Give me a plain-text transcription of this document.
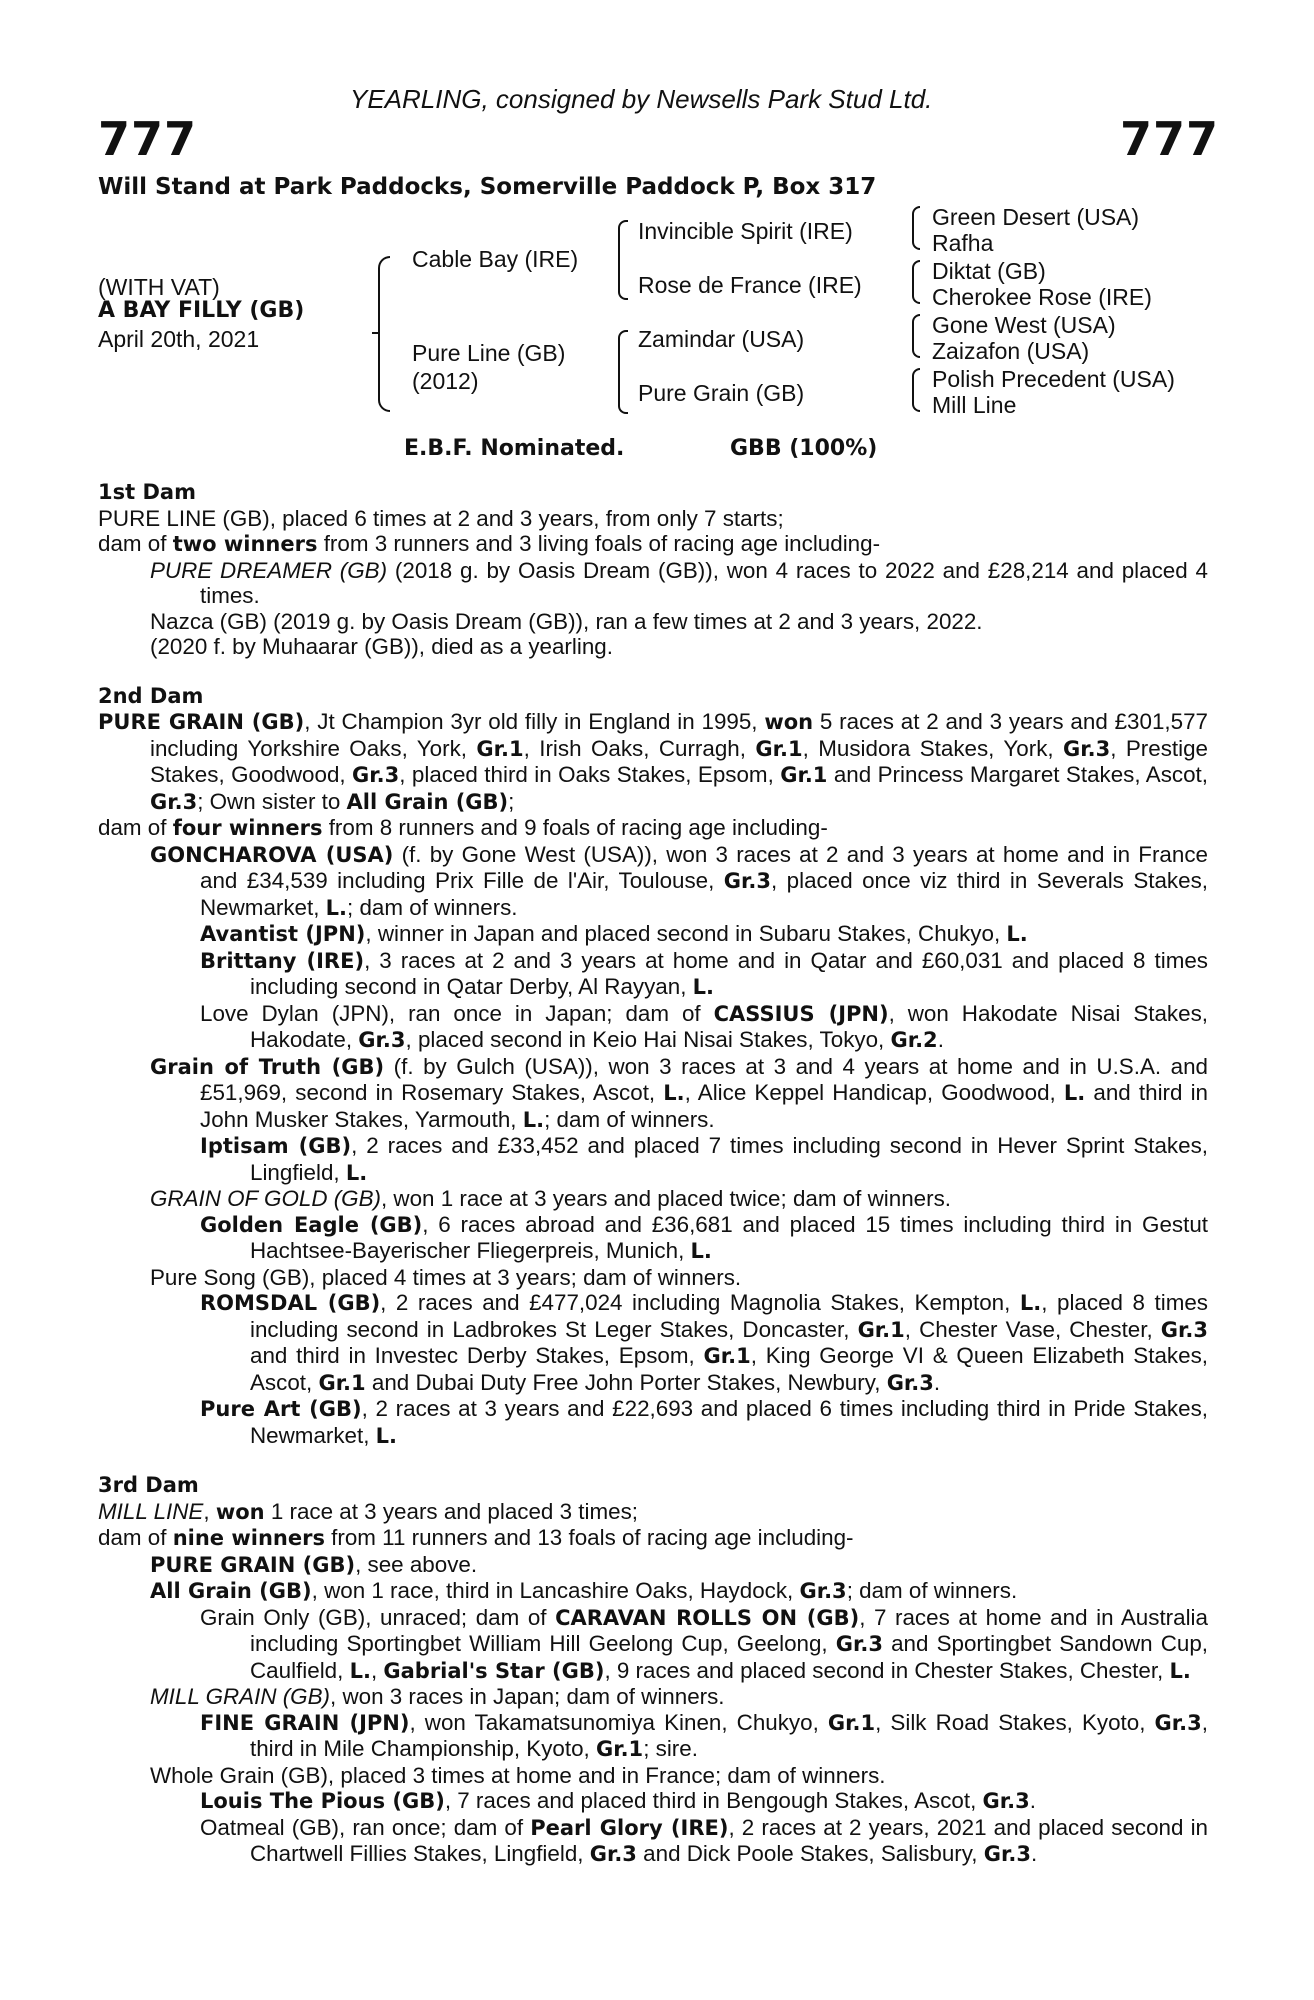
YEARLING, consigned by Newsells Park Stud Ltd.
777	777
Will Stand at Park Paddocks, Somerville Paddock P, Box 317
(WITH VAT)
A BAY FILLY (GB)
April 20th, 2021
Cable Bay (IRE)
Pure Line (GB)
(2012)
Invincible Spirit (IRE)
Rose de France (IRE)
Zamindar (USA)
Pure Grain (GB)
Green Desert (USA)
Rafha
Diktat (GB)
Cherokee Rose (IRE)
Gone West (USA)
Zaizafon (USA)
Polish Precedent (USA)
Mill Line
E.B.F. Nominated.	GBB (100%)
1st Dam
PURE LINE (GB), placed 6 times at 2 and 3 years, from only 7 starts;
dam of two winners from 3 runners and 3 living foals of racing age including-
PURE DREAMER (GB) (2018 g. by Oasis Dream (GB)), won 4 races to 2022 and £28,214 and placed 4 times.
Nazca (GB) (2019 g. by Oasis Dream (GB)), ran a few times at 2 and 3 years, 2022.
(2020 f. by Muhaarar (GB)), died as a yearling.
2nd Dam
PURE GRAIN (GB), Jt Champion 3yr old filly in England in 1995, won 5 races at 2 and 3 years and £301,577 including Yorkshire Oaks, York, Gr.1, Irish Oaks, Curragh, Gr.1, Musidora Stakes, York, Gr.3, Prestige Stakes, Goodwood, Gr.3, placed third in Oaks Stakes, Epsom, Gr.1 and Princess Margaret Stakes, Ascot, Gr.3; Own sister to All Grain (GB);
dam of four winners from 8 runners and 9 foals of racing age including-
GONCHAROVA (USA) (f. by Gone West (USA)), won 3 races at 2 and 3 years at home and in France and £34,539 including Prix Fille de l'Air, Toulouse, Gr.3, placed once viz third in Severals Stakes, Newmarket, L.; dam of winners.
Avantist (JPN), winner in Japan and placed second in Subaru Stakes, Chukyo, L.
Brittany (IRE), 3 races at 2 and 3 years at home and in Qatar and £60,031 and placed 8 times including second in Qatar Derby, Al Rayyan, L.
Love Dylan (JPN), ran once in Japan; dam of CASSIUS (JPN), won Hakodate Nisai Stakes, Hakodate, Gr.3, placed second in Keio Hai Nisai Stakes, Tokyo, Gr.2.
Grain of Truth (GB) (f. by Gulch (USA)), won 3 races at 3 and 4 years at home and in U.S.A. and £51,969, second in Rosemary Stakes, Ascot, L., Alice Keppel Handicap, Goodwood, L. and third in John Musker Stakes, Yarmouth, L.; dam of winners.
Iptisam (GB), 2 races and £33,452 and placed 7 times including second in Hever Sprint Stakes, Lingfield, L.
GRAIN OF GOLD (GB), won 1 race at 3 years and placed twice; dam of winners.
Golden Eagle (GB), 6 races abroad and £36,681 and placed 15 times including third in Gestut Hachtsee-Bayerischer Fliegerpreis, Munich, L.
Pure Song (GB), placed 4 times at 3 years; dam of winners.
ROMSDAL (GB), 2 races and £477,024 including Magnolia Stakes, Kempton, L., placed 8 times including second in Ladbrokes St Leger Stakes, Doncaster, Gr.1, Chester Vase, Chester, Gr.3 and third in Investec Derby Stakes, Epsom, Gr.1, King George VI & Queen Elizabeth Stakes, Ascot, Gr.1 and Dubai Duty Free John Porter Stakes, Newbury, Gr.3.
Pure Art (GB), 2 races at 3 years and £22,693 and placed 6 times including third in Pride Stakes, Newmarket, L.
3rd Dam
MILL LINE, won 1 race at 3 years and placed 3 times;
dam of nine winners from 11 runners and 13 foals of racing age including-
PURE GRAIN (GB), see above.
All Grain (GB), won 1 race, third in Lancashire Oaks, Haydock, Gr.3; dam of winners.
Grain Only (GB), unraced; dam of CARAVAN ROLLS ON (GB), 7 races at home and in Australia including Sportingbet William Hill Geelong Cup, Geelong, Gr.3 and Sportingbet Sandown Cup, Caulfield, L., Gabrial's Star (GB), 9 races and placed second in Chester Stakes, Chester, L.
MILL GRAIN (GB), won 3 races in Japan; dam of winners.
FINE GRAIN (JPN), won Takamatsunomiya Kinen, Chukyo, Gr.1, Silk Road Stakes, Kyoto, Gr.3, third in Mile Championship, Kyoto, Gr.1; sire.
Whole Grain (GB), placed 3 times at home and in France; dam of winners.
Louis The Pious (GB), 7 races and placed third in Bengough Stakes, Ascot, Gr.3.
Oatmeal (GB), ran once; dam of Pearl Glory (IRE), 2 races at 2 years, 2021 and placed second in Chartwell Fillies Stakes, Lingfield, Gr.3 and Dick Poole Stakes, Salisbury, Gr.3.
